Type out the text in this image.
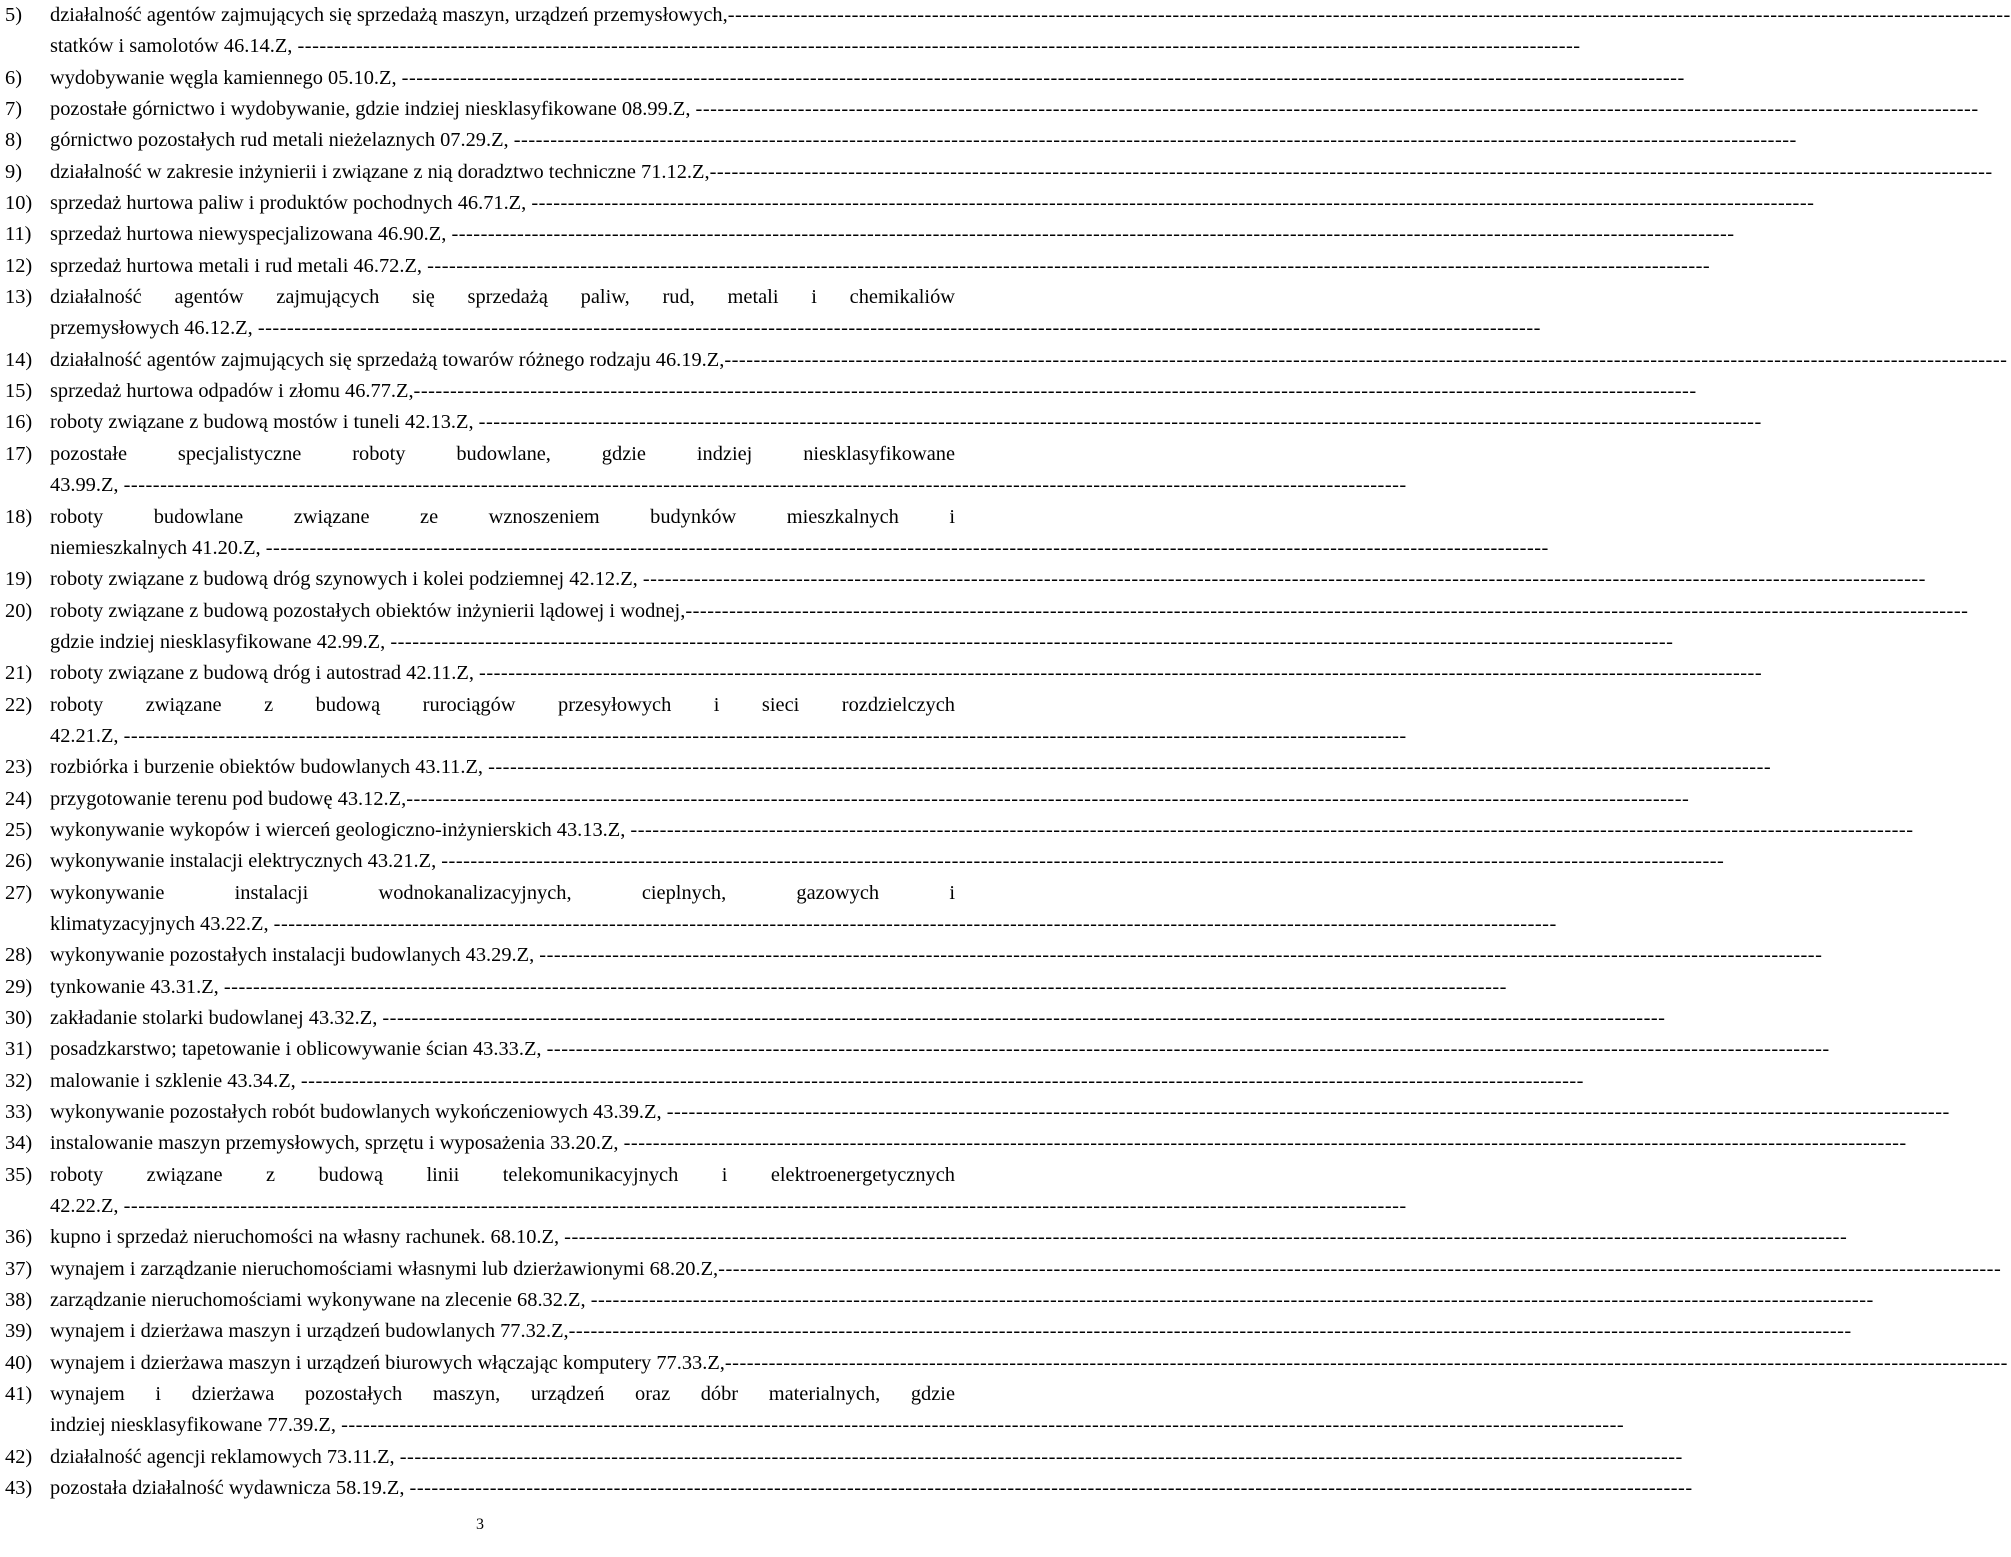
5)	działalność agentów zajmujących się sprzedażą maszyn, urządzeń przemysłowych, --------------------------------------------------------------------------------------------------------------------------------------------------------------------------------
statków i samolotów 46.14.Z, --------------------------------------------------------------------------------------------------------------------------------------------------------------------------------
6)	wydobywanie węgla kamiennego 05.10.Z, --------------------------------------------------------------------------------------------------------------------------------------------------------------------------------
7)	pozostałe górnictwo i wydobywanie, gdzie indziej niesklasyfikowane 08.99.Z, --------------------------------------------------------------------------------------------------------------------------------------------------------------------------------
8)	górnictwo pozostałych rud metali nieżelaznych 07.29.Z, --------------------------------------------------------------------------------------------------------------------------------------------------------------------------------
9)	działalność w zakresie inżynierii i związane z nią doradztwo techniczne 71.12.Z, --------------------------------------------------------------------------------------------------------------------------------------------------------------------------------
10) sprzedaż hurtowa paliw i produktów pochodnych 46.71.Z, --------------------------------------------------------------------------------------------------------------------------------------------------------------------------------
11) sprzedaż hurtowa niewyspecjalizowana 46.90.Z, --------------------------------------------------------------------------------------------------------------------------------------------------------------------------------
12) sprzedaż hurtowa metali i rud metali 46.72.Z, --------------------------------------------------------------------------------------------------------------------------------------------------------------------------------
13) działalność agentów zajmujących się sprzedażą paliw, rud, metali i chemikaliów
przemysłowych 46.12.Z, --------------------------------------------------------------------------------------------------------------------------------------------------------------------------------
14) działalność agentów zajmujących się sprzedażą towarów różnego rodzaju 46.19.Z, --------------------------------------------------------------------------------------------------------------------------------------------------------------------------------
15) sprzedaż hurtowa odpadów i złomu 46.77.Z, --------------------------------------------------------------------------------------------------------------------------------------------------------------------------------
16) roboty związane z budową mostów i tuneli 42.13.Z, --------------------------------------------------------------------------------------------------------------------------------------------------------------------------------
17) pozostałe specjalistyczne roboty budowlane, gdzie indziej niesklasyfikowane
43.99.Z, --------------------------------------------------------------------------------------------------------------------------------------------------------------------------------
18) roboty budowlane związane ze wznoszeniem budynków mieszkalnych i
niemieszkalnych 41.20.Z, --------------------------------------------------------------------------------------------------------------------------------------------------------------------------------
19) roboty związane z budową dróg szynowych i kolei podziemnej 42.12.Z, --------------------------------------------------------------------------------------------------------------------------------------------------------------------------------
20) roboty związane z budową pozostałych obiektów inżynierii lądowej i wodnej, --------------------------------------------------------------------------------------------------------------------------------------------------------------------------------
gdzie indziej niesklasyfikowane 42.99.Z, --------------------------------------------------------------------------------------------------------------------------------------------------------------------------------
21) roboty związane z budową dróg i autostrad 42.11.Z, --------------------------------------------------------------------------------------------------------------------------------------------------------------------------------
22) roboty związane z budową rurociągów przesyłowych i sieci rozdzielczych
42.21.Z, --------------------------------------------------------------------------------------------------------------------------------------------------------------------------------
23) rozbiórka i burzenie obiektów budowlanych 43.11.Z, --------------------------------------------------------------------------------------------------------------------------------------------------------------------------------
24) przygotowanie terenu pod budowę 43.12.Z, --------------------------------------------------------------------------------------------------------------------------------------------------------------------------------
25) wykonywanie wykopów i wierceń geologiczno-inżynierskich 43.13.Z, --------------------------------------------------------------------------------------------------------------------------------------------------------------------------------
26) wykonywanie instalacji elektrycznych 43.21.Z, --------------------------------------------------------------------------------------------------------------------------------------------------------------------------------
27) wykonywanie instalacji wodnokanalizacyjnych, cieplnych, gazowych i
klimatyzacyjnych 43.22.Z, --------------------------------------------------------------------------------------------------------------------------------------------------------------------------------
28) wykonywanie pozostałych instalacji budowlanych 43.29.Z, --------------------------------------------------------------------------------------------------------------------------------------------------------------------------------
29) tynkowanie 43.31.Z, --------------------------------------------------------------------------------------------------------------------------------------------------------------------------------
30) zakładanie stolarki budowlanej 43.32.Z, --------------------------------------------------------------------------------------------------------------------------------------------------------------------------------
31) posadzkarstwo; tapetowanie i oblicowywanie ścian 43.33.Z, --------------------------------------------------------------------------------------------------------------------------------------------------------------------------------
32) malowanie i szklenie 43.34.Z, --------------------------------------------------------------------------------------------------------------------------------------------------------------------------------
33) wykonywanie pozostałych robót budowlanych wykończeniowych 43.39.Z, --------------------------------------------------------------------------------------------------------------------------------------------------------------------------------
34) instalowanie maszyn przemysłowych, sprzętu i wyposażenia 33.20.Z, --------------------------------------------------------------------------------------------------------------------------------------------------------------------------------
35) roboty związane z budową linii telekomunikacyjnych i elektroenergetycznych
42.22.Z, --------------------------------------------------------------------------------------------------------------------------------------------------------------------------------
36) kupno i sprzedaż nieruchomości na własny rachunek. 68.10.Z, --------------------------------------------------------------------------------------------------------------------------------------------------------------------------------
37) wynajem i zarządzanie nieruchomościami własnymi lub dzierżawionymi 68.20.Z, --------------------------------------------------------------------------------------------------------------------------------------------------------------------------------
38) zarządzanie nieruchomościami wykonywane na zlecenie 68.32.Z, --------------------------------------------------------------------------------------------------------------------------------------------------------------------------------
39) wynajem i dzierżawa maszyn i urządzeń budowlanych 77.32.Z, --------------------------------------------------------------------------------------------------------------------------------------------------------------------------------
40) wynajem i dzierżawa maszyn i urządzeń biurowych włączając komputery 77.33.Z, --------------------------------------------------------------------------------------------------------------------------------------------------------------------------------
41) wynajem i dzierżawa pozostałych maszyn, urządzeń oraz dóbr materialnych, gdzie
indziej niesklasyfikowane 77.39.Z, --------------------------------------------------------------------------------------------------------------------------------------------------------------------------------
42) działalność agencji reklamowych 73.11.Z, --------------------------------------------------------------------------------------------------------------------------------------------------------------------------------
43) pozostała działalność wydawnicza 58.19.Z, --------------------------------------------------------------------------------------------------------------------------------------------------------------------------------
3
